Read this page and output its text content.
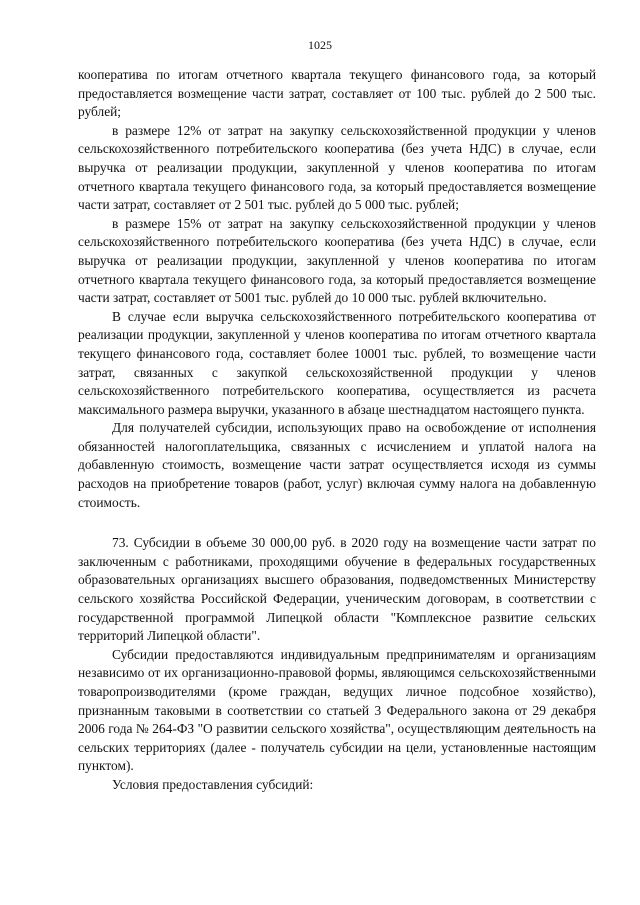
1025

кооператива по итогам отчетного квартала текущего финансового года, за который предоставляется возмещение части затрат, составляет от 100 тыс. рублей до 2 500 тыс. рублей;

в размере 12% от затрат на закупку сельскохозяйственной продукции у членов сельскохозяйственного потребительского кооператива (без учета НДС) в случае, если выручка от реализации продукции, закупленной у членов кооператива по итогам отчетного квартала текущего финансового года, за который предоставляется возмещение части затрат, составляет от 2 501 тыс. рублей до 5 000 тыс. рублей;

в размере 15% от затрат на закупку сельскохозяйственной продукции у членов сельскохозяйственного потребительского кооператива (без учета НДС) в случае, если выручка от реализации продукции, закупленной у членов кооператива по итогам отчетного квартала текущего финансового года, за который предоставляется возмещение части затрат, составляет от 5001 тыс. рублей до 10 000 тыс. рублей включительно.

В случае если выручка сельскохозяйственного потребительского кооператива от реализации продукции, закупленной у членов кооператива по итогам отчетного квартала текущего финансового года, составляет более 10001 тыс. рублей, то возмещение части затрат, связанных с закупкой сельскохозяйственной продукции у членов сельскохозяйственного потребительского кооператива, осуществляется из расчета максимального размера выручки, указанного в абзаце шестнадцатом настоящего пункта.

Для получателей субсидии, использующих право на освобождение от исполнения обязанностей налогоплательщика, связанных с исчислением и уплатой налога на добавленную стоимость, возмещение части затрат осуществляется исходя из суммы расходов на приобретение товаров (работ, услуг) включая сумму налога на добавленную стоимость.

73. Субсидии в объеме 30 000,00 руб. в 2020 году на возмещение части затрат по заключенным с работниками, проходящими обучение в федеральных государственных образовательных организациях высшего образования, подведомственных Министерству сельского хозяйства Российской Федерации, ученическим договорам, в соответствии с государственной программой Липецкой области "Комплексное развитие сельских территорий Липецкой области".

Субсидии предоставляются индивидуальным предпринимателям и организациям независимо от их организационно-правовой формы, являющимся сельскохозяйственными товаропроизводителями (кроме граждан, ведущих личное подсобное хозяйство), признанным таковыми в соответствии со статьей 3 Федерального закона от 29 декабря 2006 года № 264-ФЗ "О развитии сельского хозяйства", осуществляющим деятельность на сельских территориях (далее - получатель субсидии на цели, установленные настоящим пунктом).

Условия предоставления субсидий:
